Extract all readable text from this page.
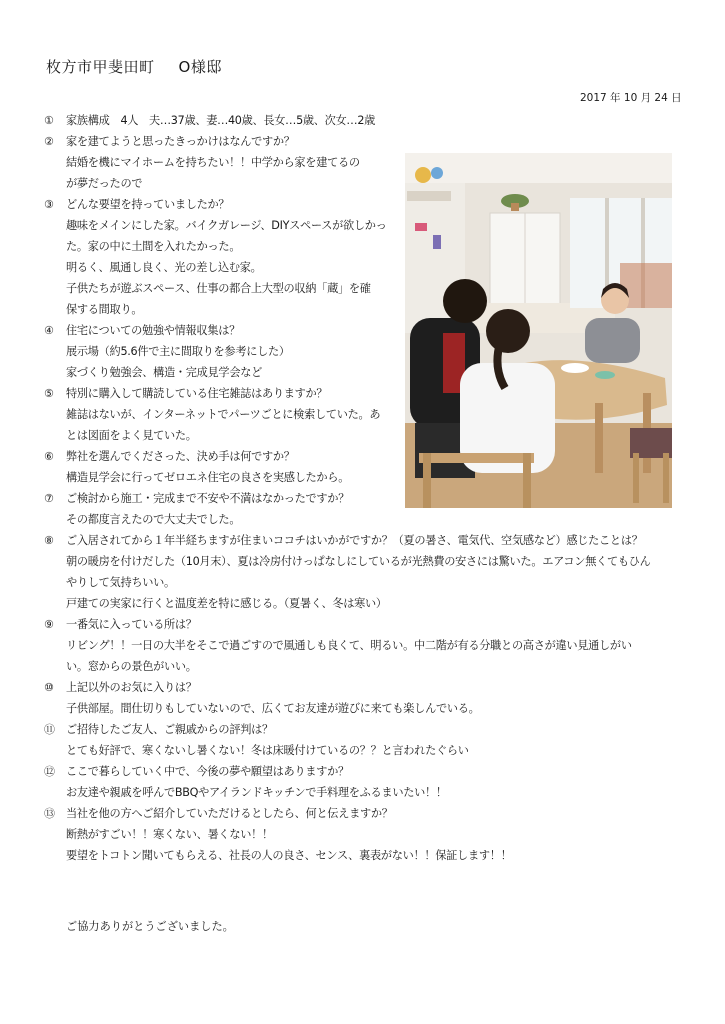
枚方市甲斐田町 O様邸
2017 年 10 月 24 日
① 家族構成　4人　夫…37歳、妻…40歳、長女…5歳、次女…2歳
② 家を建てようと思ったきっかけはなんですか？
結婚を機にマイホームを持ちたい！！中学から家を建てるの
が夢だったので
③ どんな要望を持っていましたか？
趣味をメインにした家。バイクガレージ、DIYスペースが欲しかっ
た。家の中に土間を入れたかった。
明るく、風通し良く、光の差し込む家。
子供たちが遊ぶスペース、仕事の都合上大型の収納「蔵」を確
保する間取り。
④ 住宅についての勉強や情報収集は？
展示場（約5.6件で主に間取りを参考にした）
家づくり勉強会、構造・完成見学会など
⑤ 特別に購入して購読している住宅雑誌はありますか？
雑誌はないが、インターネットでパーツごとに検索していた。あ
とは図面をよく見ていた。
⑥ 弊社を選んでくださった、決め手は何ですか？
構造見学会に行ってゼロエネ住宅の良さを実感したから。
⑦ ご検討から施工・完成まで不安や不満はなかったですか？
その都度言えたので大丈夫でした。
⑧ ご入居されてから１年半経ちますが住まいココチはいかがですか？（夏の暑さ、電気代、空気感など）感じたことは？
朝の暖房を付けだした（10月末）、夏は冷房付けっぱなしにしているが光熱費の安さには驚いた。エアコン無くてもひん
やりして気持ちいい。
戸建ての実家に行くと温度差を特に感じる。（夏暑く、冬は寒い）
⑨ 一番気に入っている所は？
リビング！！一日の大半をそこで過ごすので風通しも良くて、明るい。中二階が有る分職との高さが違い見通しがい
い。窓からの景色がいい。
⑩ 上記以外のお気に入りは？
子供部屋。間仕切りもしていないので、広くてお友達が遊びに来ても楽しんでいる。
⑪ ご招待したご友人、ご親戚からの評判は？
とても好評で、寒くないし暑くない！冬は床暖付けているの？？と言われたぐらい
⑫ ここで暮らしていく中で、今後の夢や願望はありますか？
お友達や親戚を呼んでBBQやアイランドキッチンで手料理をふるまいたい！！
⑬ 当社を他の方へご紹介していただけるとしたら、何と伝えますか？
断熱がすごい！！寒くない、暑くない！！
要望をトコトン聞いてもらえる、社長の人の良さ、センス、裏表がない！！保証します！！
ご協力ありがとうございました。
